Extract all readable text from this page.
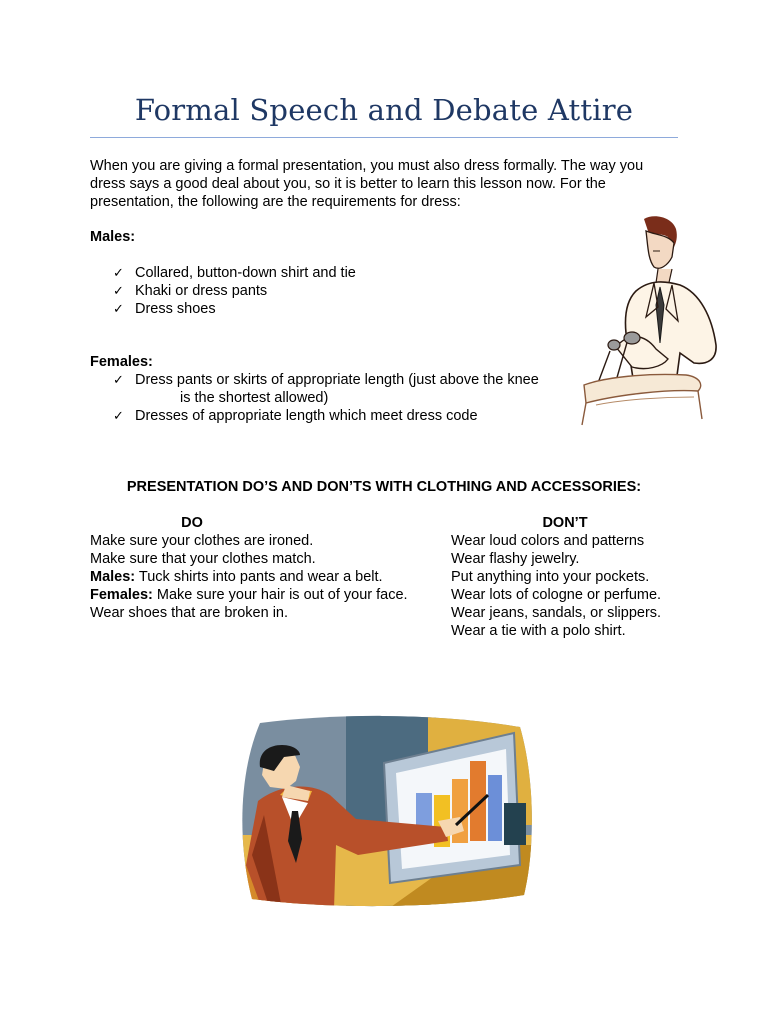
Formal Speech and Debate Attire
When you are giving a formal presentation, you must also dress formally. The way you dress says a good deal about you, so it is better to learn this lesson now. For the presentation, the following are the requirements for dress:
Males:
✓ Collared, button-down shirt and tie
✓ Khaki or dress pants
✓ Dress shoes
Females:
✓ Dress pants or skirts of appropriate length (just above the knee
is the shortest allowed)
✓ Dresses of appropriate length which meet dress code
PRESENTATION DO’S AND DON’TS WITH CLOTHING AND ACCESSORIES:
DO
Make sure your clothes are ironed.
Make sure that your clothes match.
Males: Tuck shirts into pants and wear a belt.
Females: Make sure your hair is out of your face.
Wear shoes that are broken in.
DON’T
Wear loud colors and patterns
Wear flashy jewelry.
Put anything into your pockets.
Wear lots of cologne or perfume.
Wear jeans, sandals, or slippers.
Wear a tie with a polo shirt.
